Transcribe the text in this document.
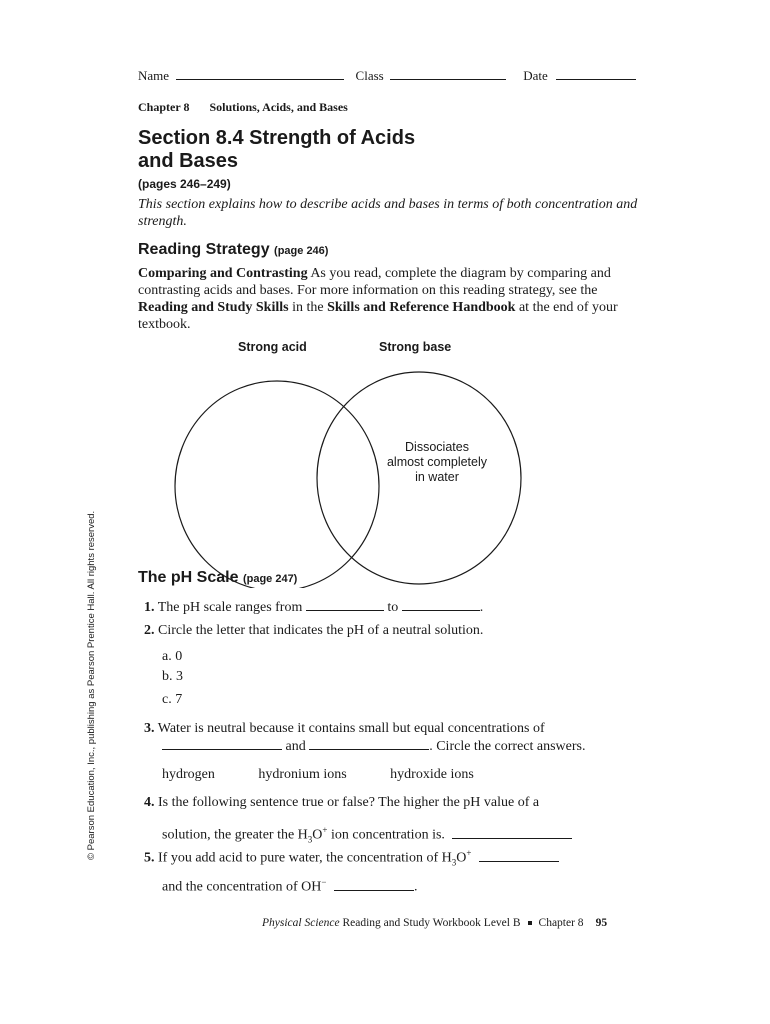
Name	Class	Date
Chapter 8 Solutions, Acids, and Bases
Section 8.4 Strength of Acids
and Bases
(pages 246–249)
This section explains how to describe acids and bases in terms of both concentration and strength.
Reading Strategy (page 246)
Comparing and Contrasting As you read, complete the diagram by comparing and contrasting acids and bases. For more information on this reading strategy, see the Reading and Study Skills in the Skills and Reference Handbook at the end of your textbook.
Strong acid	Strong base
Dissociates
almost completely
in water
The pH Scale (page 247)
1. The pH scale ranges from	to	.
2. Circle the letter that indicates the pH of a neutral solution.
a. 0
b. 3
c. 7
3. Water is neutral because it contains small but equal concentrations of
and	. Circle the correct answers.
hydrogen	hydronium ions	hydroxide ions
4. Is the following sentence true or false? The higher the pH value of a
solution, the greater the $H_3O^+$ ion concentration is.
5. If you add acid to pure water, the concentration of $H_3O^+$
and the concentration of OH−	.
© Pearson Education, Inc., publishing as Pearson Prentice Hall. All rights reserved.
Physical Science Reading and Study Workbook Level B Chapter 8 95
